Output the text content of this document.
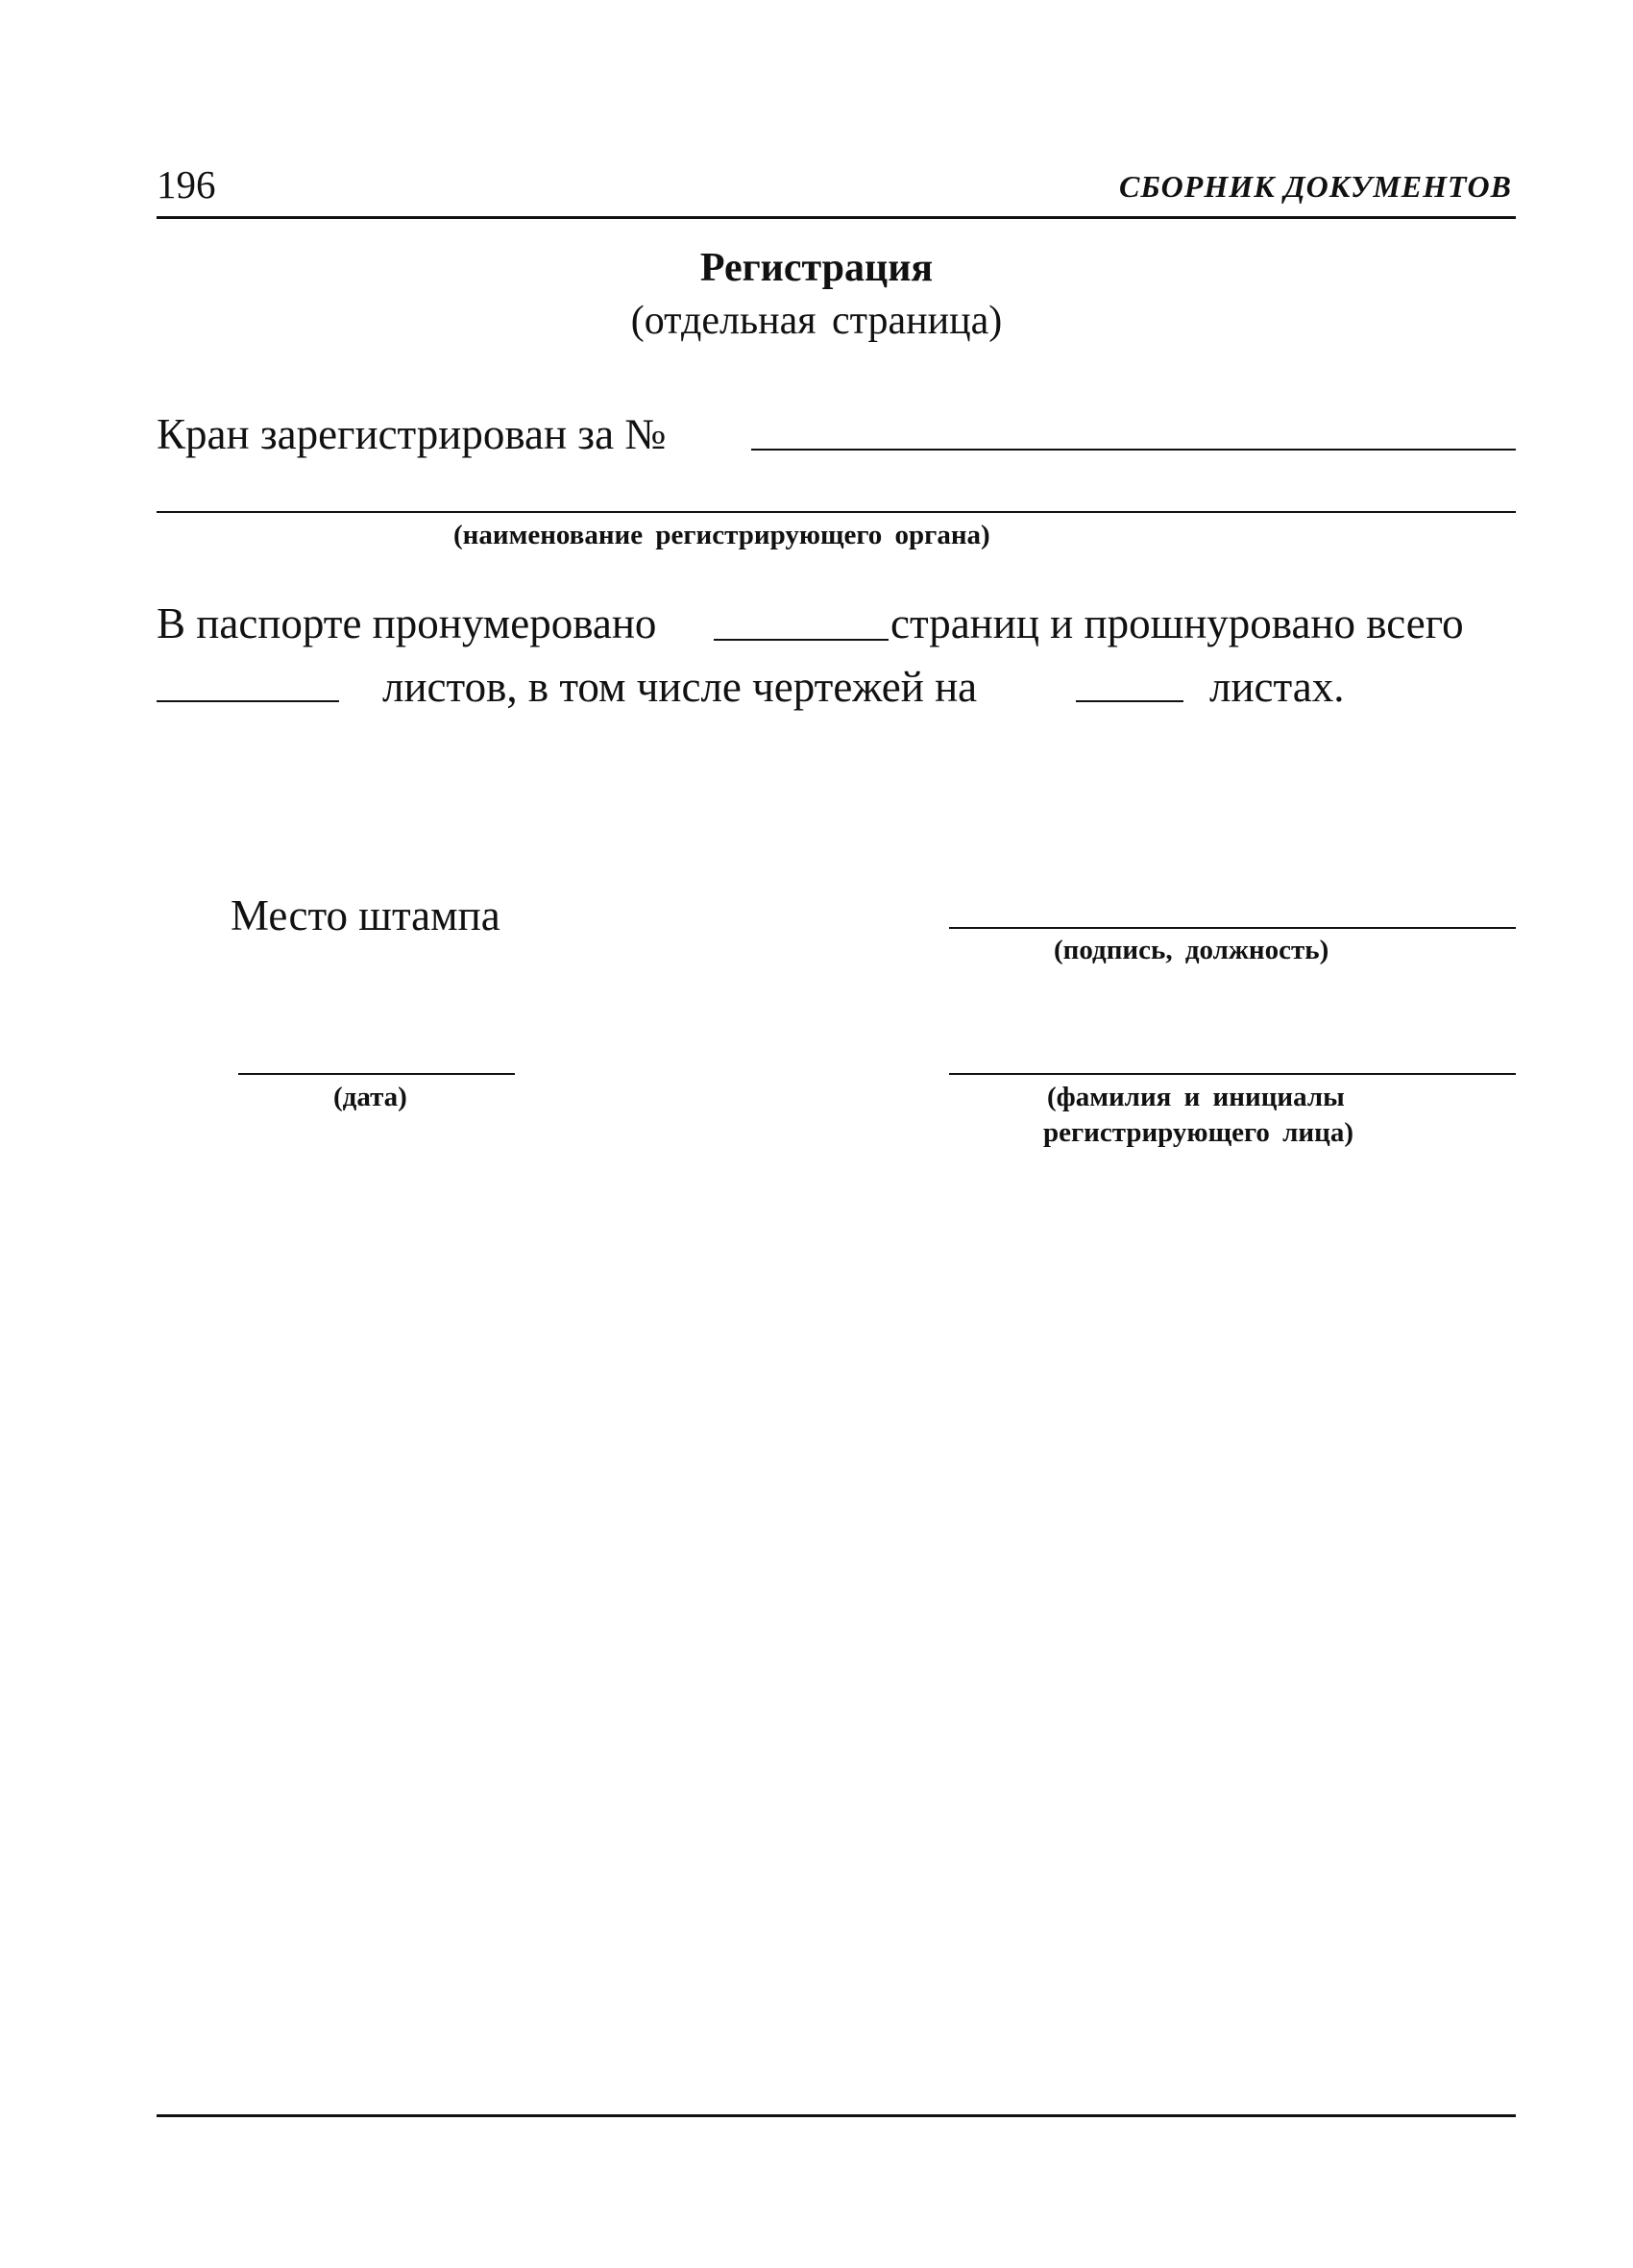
196	СБОРНИК ДОКУМЕНТОВ
Регистрация
(отдельная страница)
Кран зарегистрирован за №
(наименование регистрирующего органа)
В паспорте пронумеровано	страниц и прошнуровано всего
листов, в том числе чертежей на	листах.
Место штампа
(подпись, должность)
(дата)	(фамилия и инициалы
регистрирующего лица)
